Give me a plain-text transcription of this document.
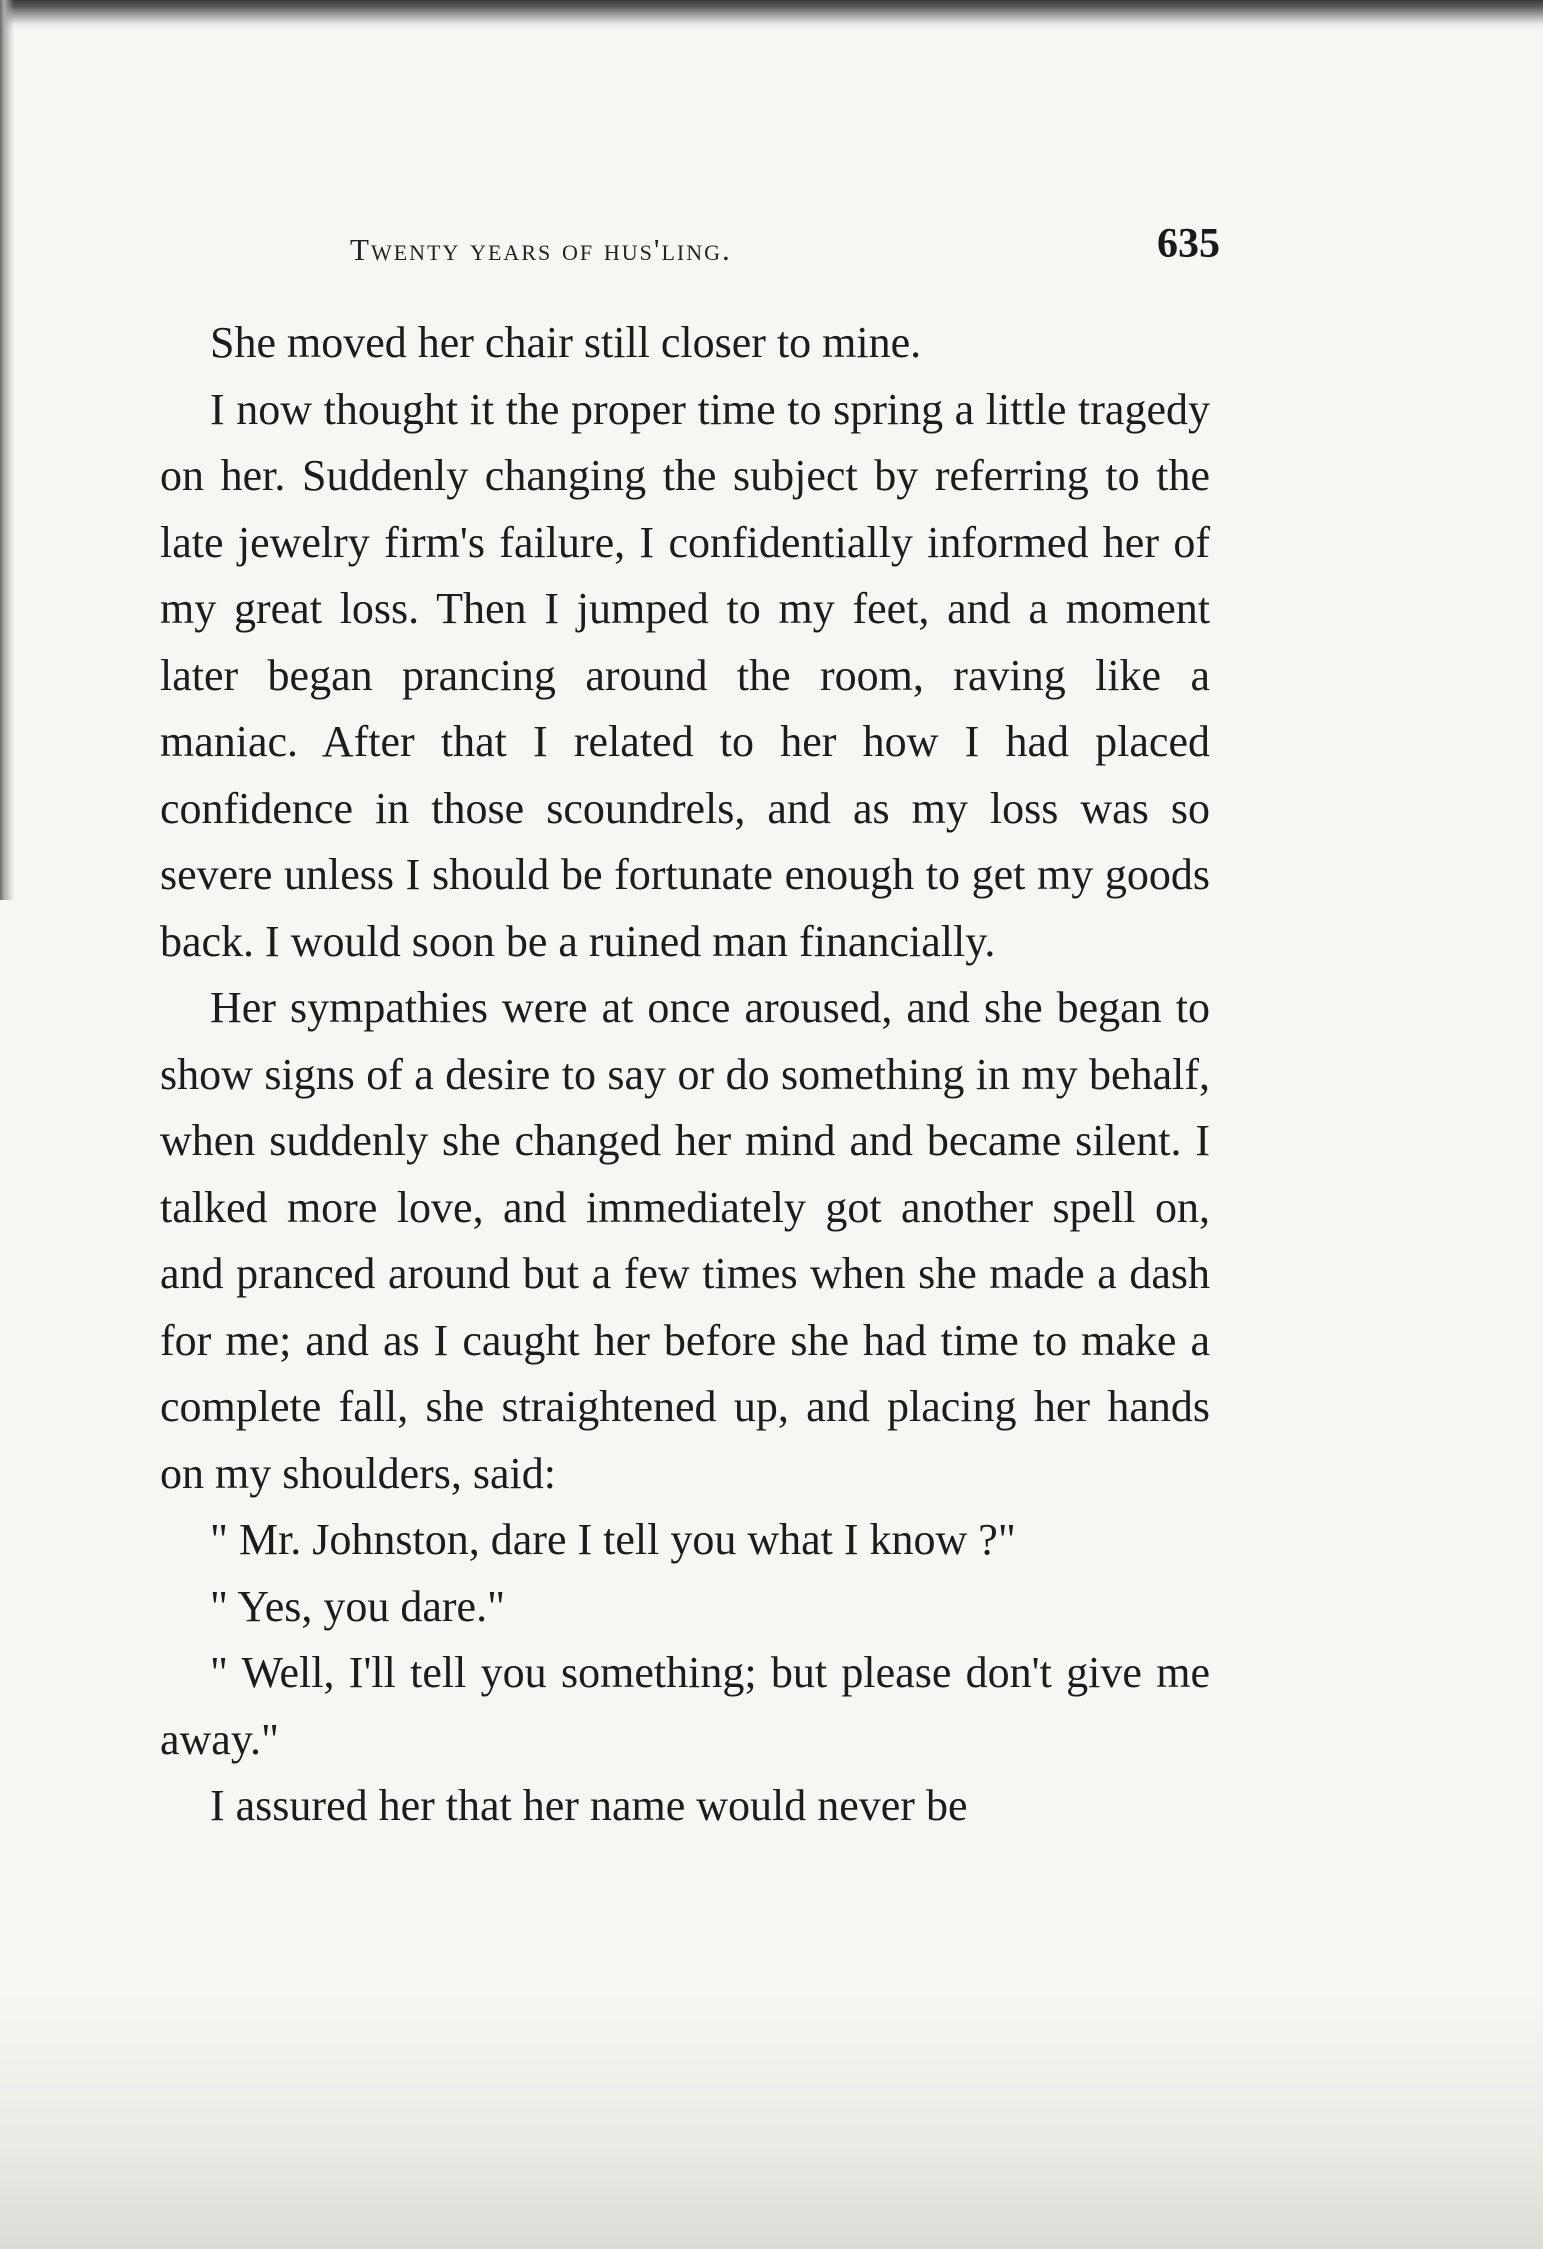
Twenty years of hus'ling.	635

She moved her chair still closer to mine.

I now thought it the proper time to spring a little tragedy on her. Suddenly changing the subject by referring to the late jewelry firm's failure, I confidentially informed her of my great loss. Then I jumped to my feet, and a moment later began prancing around the room, raving like a maniac. After that I related to her how I had placed confidence in those scoundrels, and as my loss was so severe unless I should be fortunate enough to get my goods back. I would soon be a ruined man financially.

Her sympathies were at once aroused, and she began to show signs of a desire to say or do something in my behalf, when suddenly she changed her mind and became silent. I talked more love, and immediately got another spell on, and pranced around but a few times when she made a dash for me; and as I caught her before she had time to make a complete fall, she straightened up, and placing her hands on my shoulders, said:

" Mr. Johnston, dare I tell you what I know ?"

" Yes, you dare."

" Well, I'll tell you something; but please don't give me away."

I assured her that her name would never be
